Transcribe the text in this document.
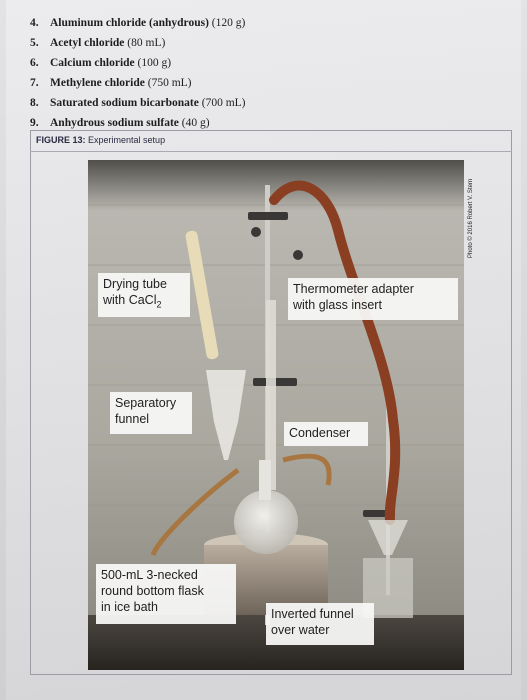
4. Aluminum chloride (anhydrous) (120 g)
5. Acetyl chloride (80 mL)
6. Calcium chloride (100 g)
7. Methylene chloride (750 mL)
8. Saturated sodium bicarbonate (700 mL)
9. Anhydrous sodium sulfate (40 g)
FIGURE 13: Experimental setup
Drying tube
with CaCl$_2$
Thermometer adapter
with glass insert
Separatory
funnel
Condenser
500-mL 3-necked
round bottom flask
in ice bath	Inverted funnel
over water
Photo © 2016 Robert V. Stern
